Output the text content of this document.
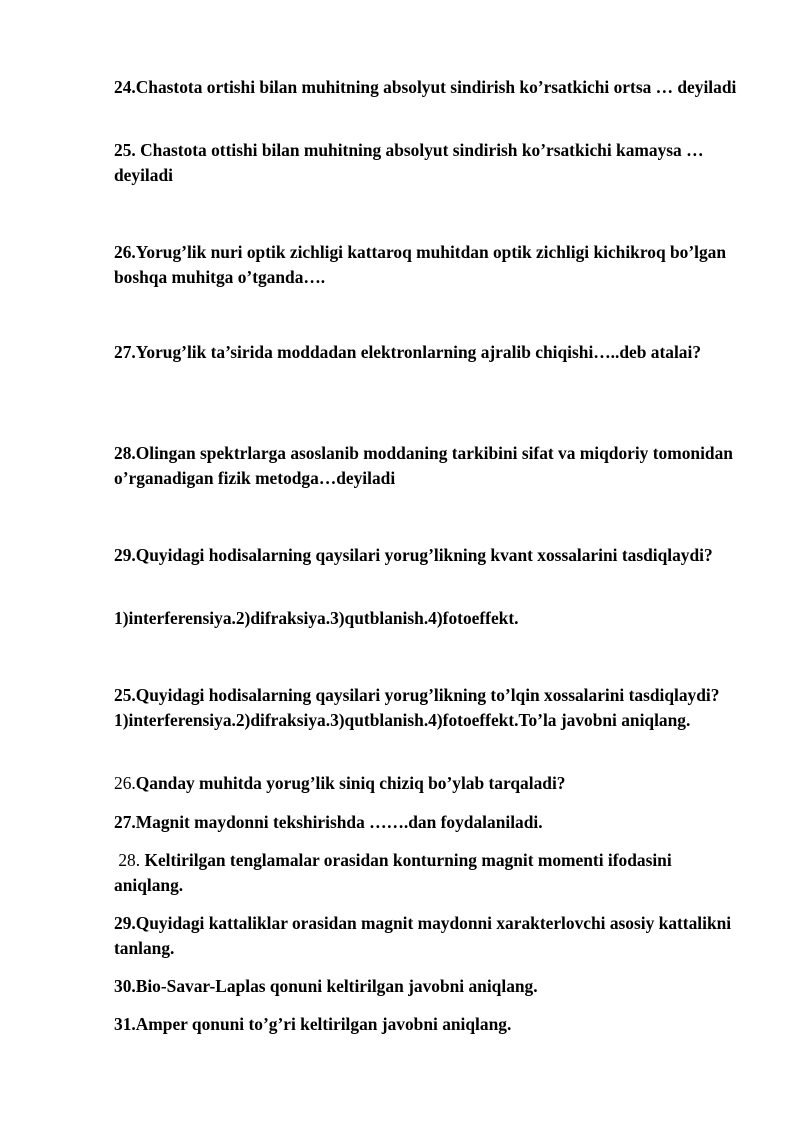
24.Chastota ortishi bilan muhitning absolyut sindirish ko’rsatkichi ortsa … deyiladi

25. Chastota ottishi bilan muhitning absolyut sindirish ko’rsatkichi kamaysa … deyiladi

26.Yorug’lik nuri optik zichligi kattaroq muhitdan optik zichligi kichikroq bo’lgan boshqa muhitga o’tganda….

27.Yorug’lik ta’sirida moddadan elektronlarning ajralib chiqishi…..deb atalai?

28.Olingan spektrlarga asoslanib moddaning tarkibini sifat va miqdoriy tomonidan o’rganadigan fizik metodga…deyiladi

29.Quyidagi hodisalarning qaysilari yorug’likning kvant xossalarini tasdiqlaydi?

1)interferensiya.2)difraksiya.3)qutblanish.4)fotoeffekt.

25.Quyidagi hodisalarning qaysilari yorug’likning to’lqin xossalarini tasdiqlaydi? 1)interferensiya.2)difraksiya.3)qutblanish.4)fotoeffekt.To’la javobni aniqlang.

26.Qanday muhitda yorug’lik siniq chiziq bo’ylab tarqaladi?

27.Magnit maydonni tekshirishda …….dan foydalaniladi.

28. Keltirilgan tenglamalar orasidan konturning magnit momenti ifodasini aniqlang.

29.Quyidagi kattaliklar orasidan magnit maydonni xarakterlovchi asosiy kattalikni tanlang.

30.Bio-Savar-Laplas qonuni keltirilgan javobni aniqlang.

31.Amper qonuni to’g’ri keltirilgan javobni aniqlang.
